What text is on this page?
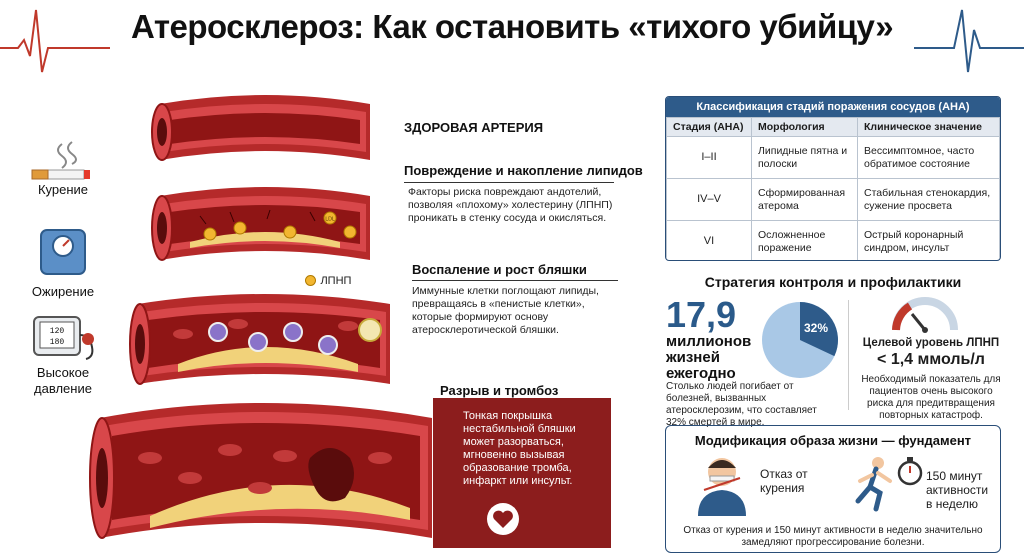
Атеросклероз: Как остановить «тихого убийцу»
Курение
Ожирение
120
180
Высокое давление
ЗДОРОВАЯ АРТЕРИЯ
LDL
ЛПНП
Повреждение и накопление липидов
Факторы риска повреждают андотелий, позволяя «плохому» холестерину (ЛПНП) проникать в стенку сосуда и окисляться.
Воспаление и рост бляшки
Иммунные клетки поглощают липиды, превращаясь в «пенистые клетки», которые формируют основу атеросклеротической бляшки.
Разрыв и тромбоз
Тонкая покрышка нестабильной бляшки может разорваться, мгновенно вызывая образование тромба, инфаркт или инсульт.
Классификация стадий поражения сосудов (AHA)
Стадия (AHA)	Морфология	Клиническое значение
I–II	Липидные пятна и полоски	Вессимптомное, часто обратимое состояние
IV–V	Сформированная атерома	Стабильная стенокардия, сужение просвета
VI	Осложненное поражение	Острый коронарный синдром, инсульт
Стратегия контроля и профилактики
17,9
миллионов жизней ежегодно
Столько людей погибает от болезней, вызванных атеросклерозим, что составляет 32% смертей в мире.
32%
Целевой уровень ЛПНП
< 1,4 ммоль/л
Необходимый показатель для пациентов очень высокого риска для предитвращения повторных катастроф.
Модификация образа жизни — фундамент
Отказ от курения
150 минут активности в неделю
Отказ от курения и 150 минут активности в неделю значительно замедляют прогрессирование болезни.
